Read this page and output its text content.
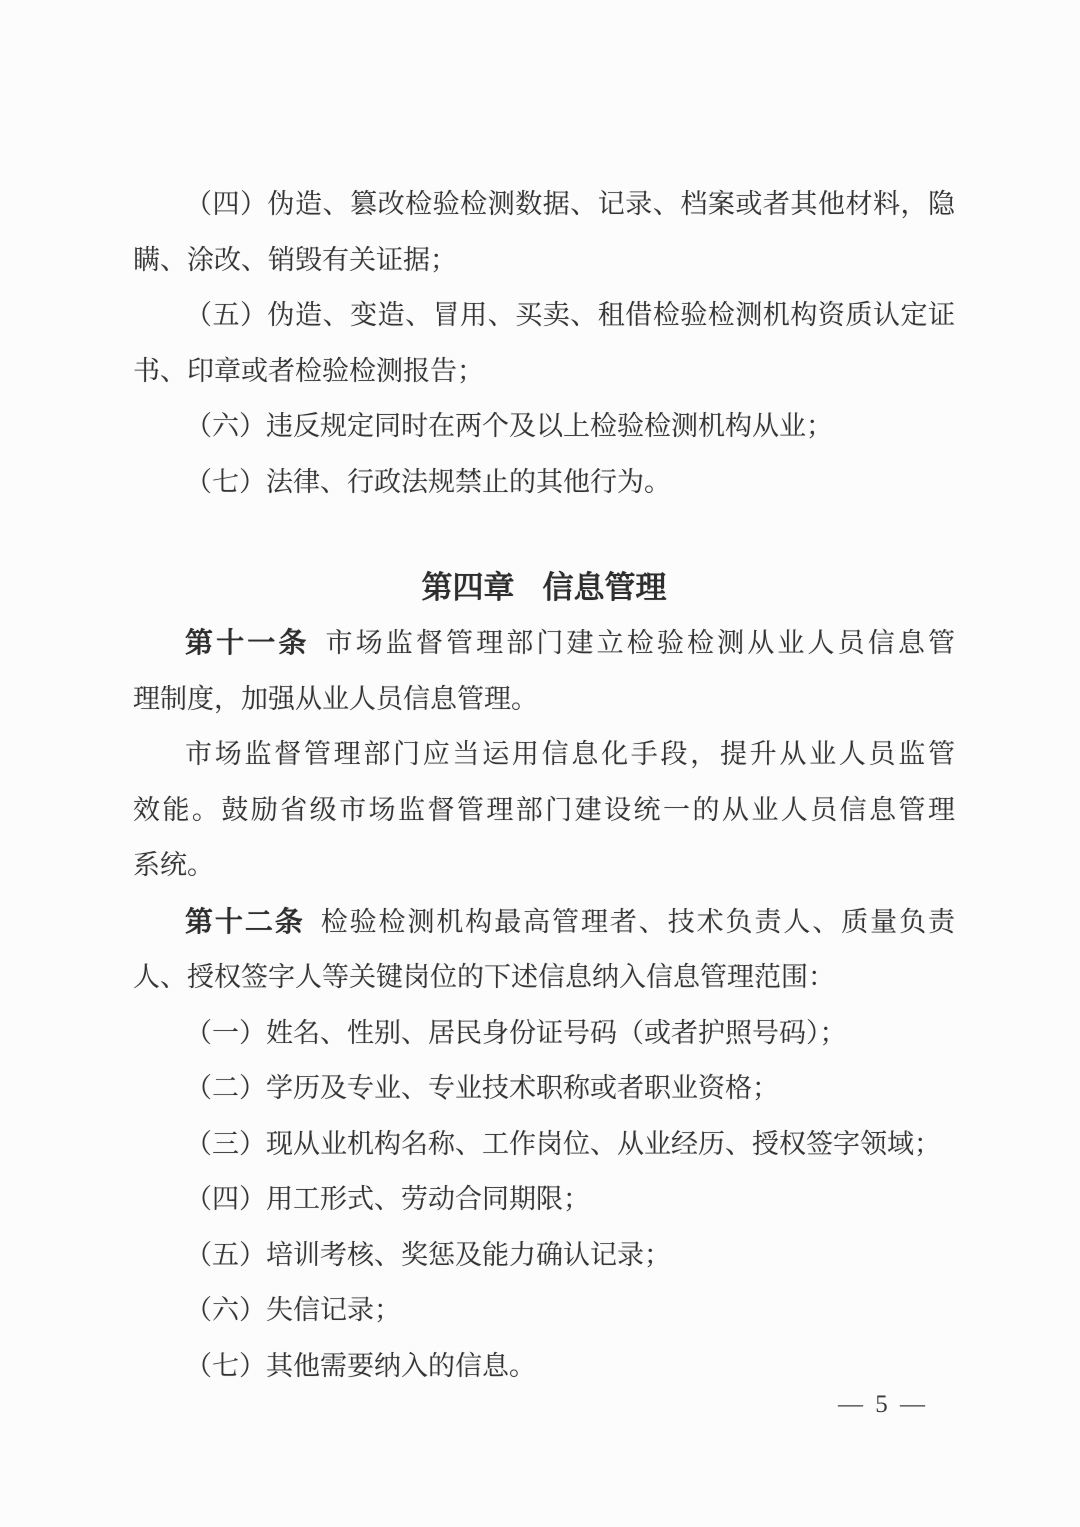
（四）伪造、篡改检验检测数据、记录、档案或者其他材料，隐
瞒、涂改、销毁有关证据；
（五）伪造、变造、冒用、买卖、租借检验检测机构资质认定证
书、印章或者检验检测报告；
（六）违反规定同时在两个及以上检验检测机构从业；
（七）法律、行政法规禁止的其他行为。
第四章 信息管理
第十一条 市场监督管理部门建立检验检测从业人员信息管
理制度，加强从业人员信息管理。
市场监督管理部门应当运用信息化手段，提升从业人员监管
效能。鼓励省级市场监督管理部门建设统一的从业人员信息管理
系统。
第十二条 检验检测机构最高管理者、技术负责人、质量负责
人、授权签字人等关键岗位的下述信息纳入信息管理范围：
（一）姓名、性别、居民身份证号码（或者护照号码）；
（二）学历及专业、专业技术职称或者职业资格；
（三）现从业机构名称、工作岗位、从业经历、授权签字领域；
（四）用工形式、劳动合同期限；
（五）培训考核、奖惩及能力确认记录；
（六）失信记录；
（七）其他需要纳入的信息。
— 5 —
